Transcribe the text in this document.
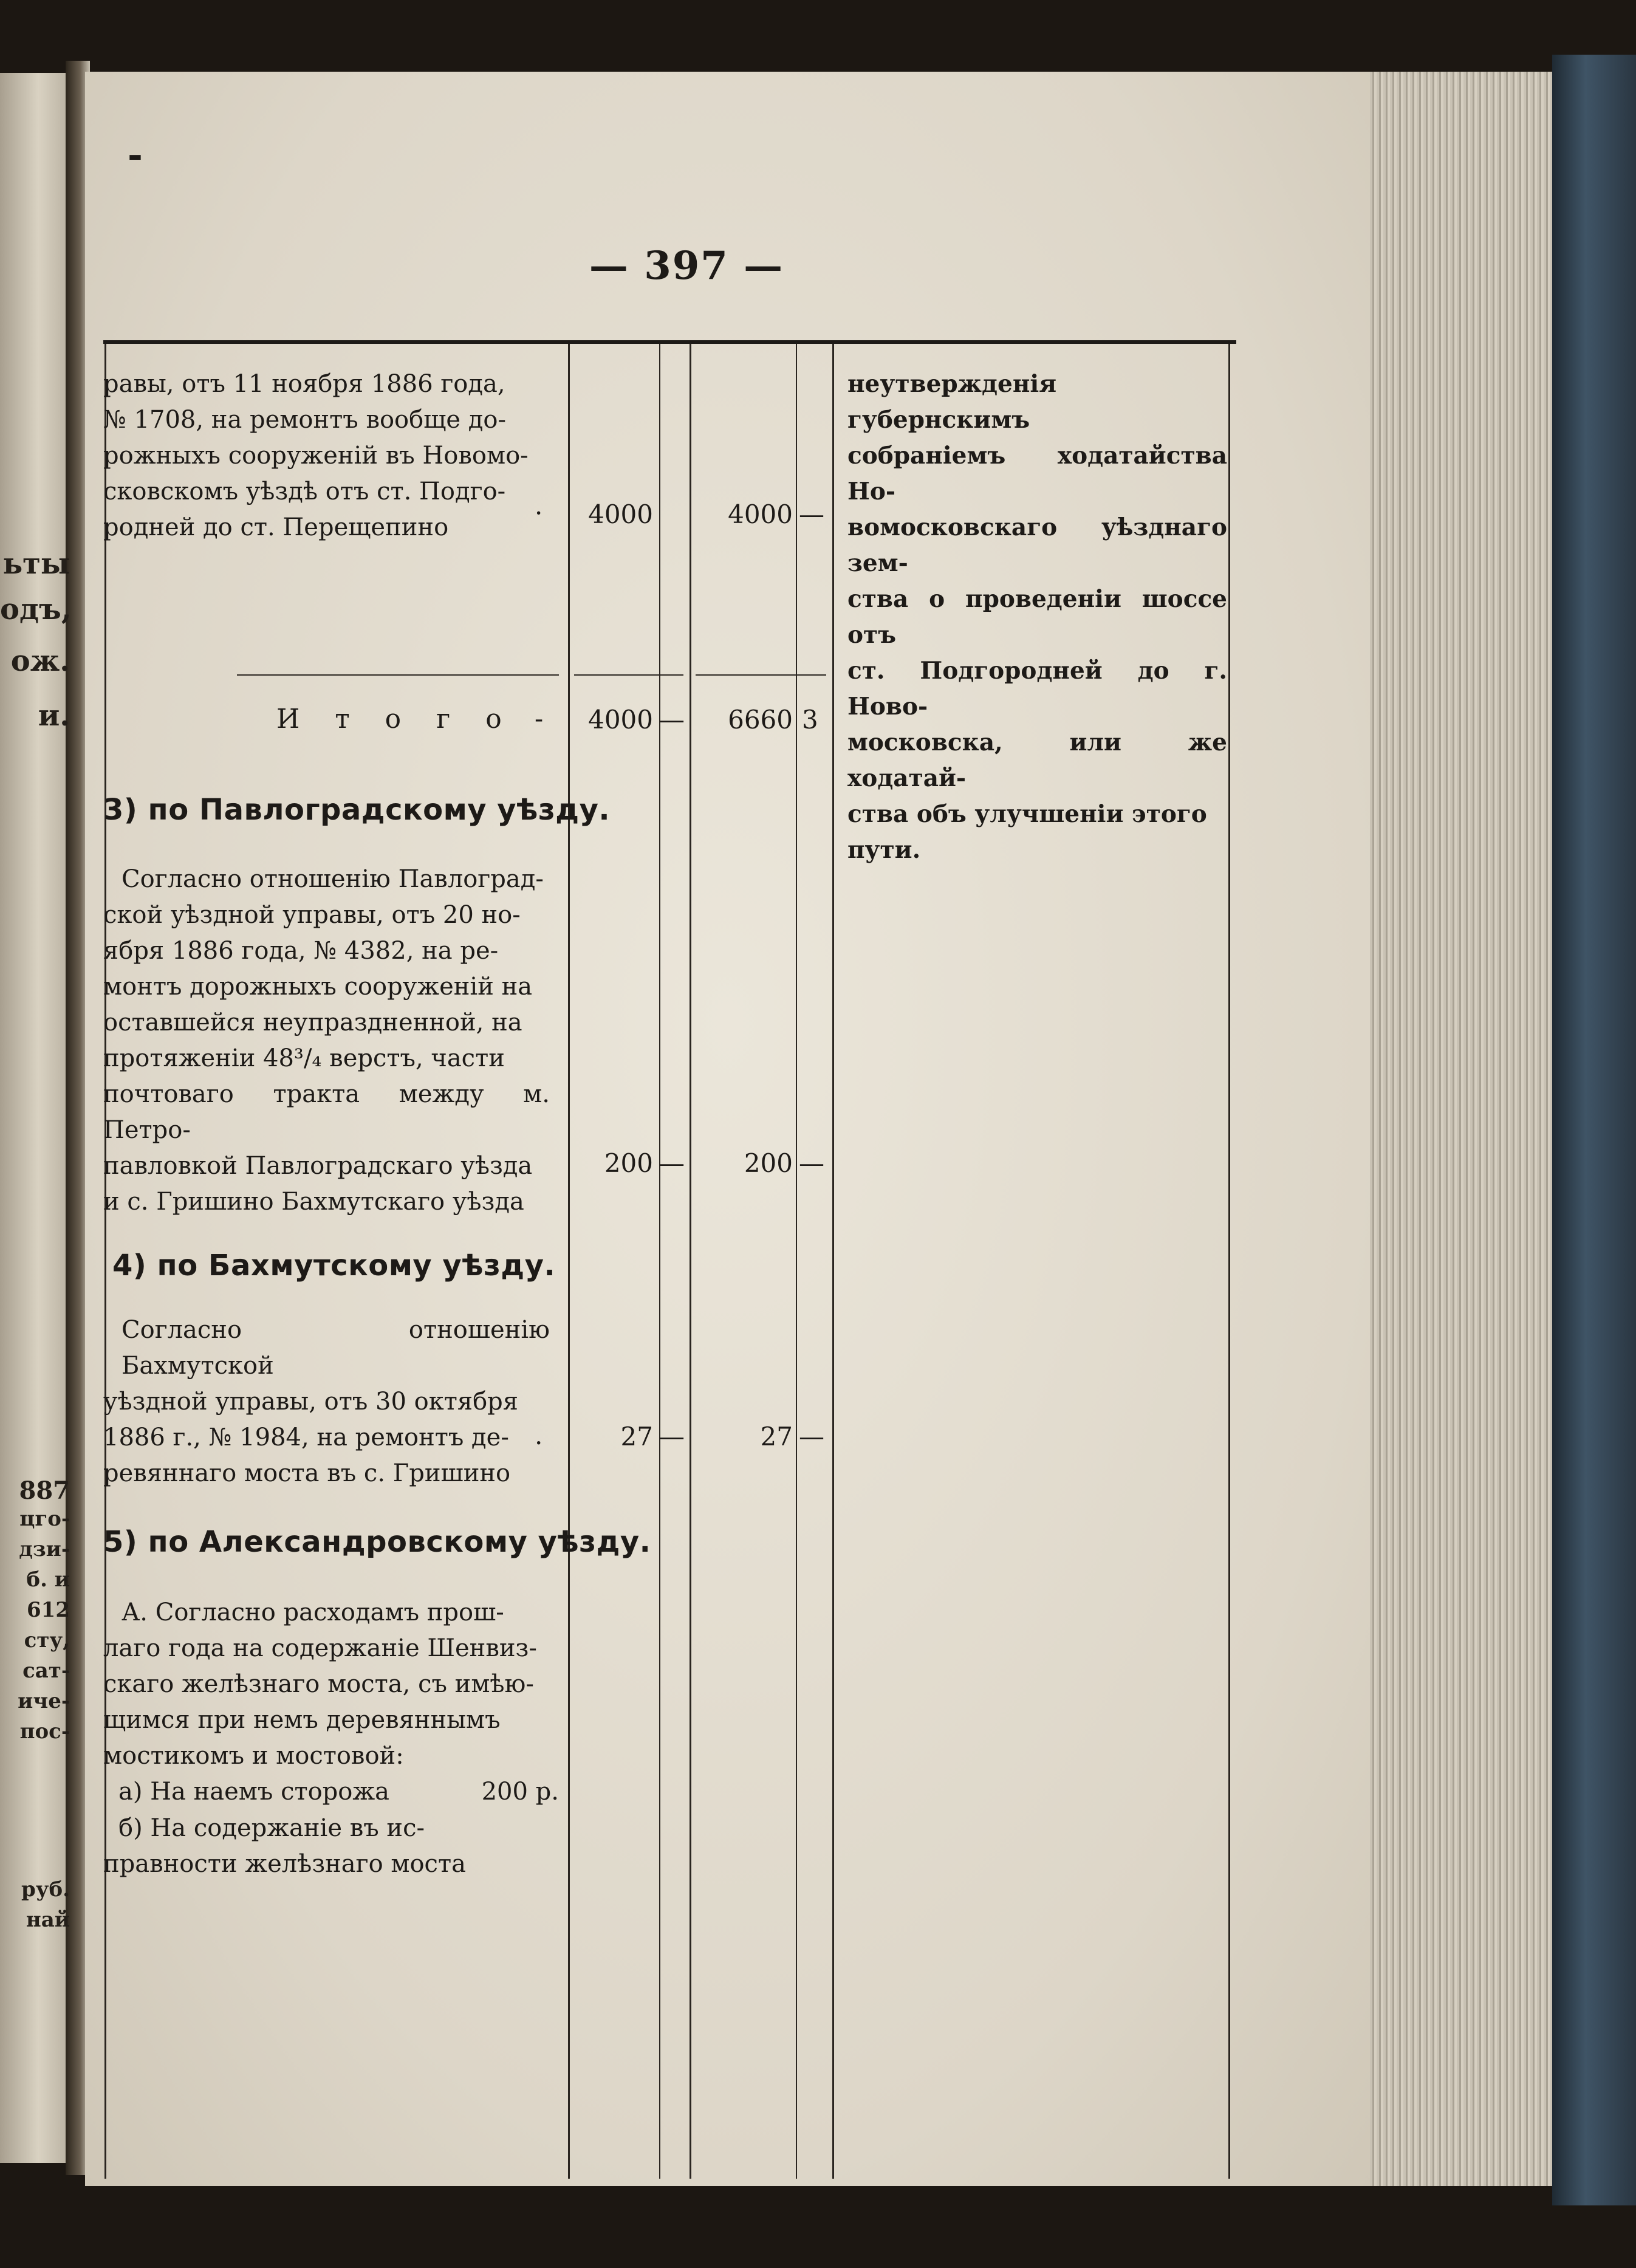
ьты
одъ,
ож.
и.
887
цго-
дзи-
б. и
612
сту,
сат-
иче-
пос-
руб.
най
— 397 —

равы, отъ 11 ноября 1886 года,

№ 1708, на ремонтъ вообще до-

рожныхъ сооруженій въ Новомо-

сковскомъ уѣздѣ отъ ст. Подго-

родней до ст. Перещепино	· 4000	4000 —
И т о г о - 4000 —	6660 3
3) по Павлоградскому уѣзду.

Согласно отношенію Павлоград-

ской уѣздной управы, отъ 20 но-

ября 1886 года, № 4382, на ре-

монтъ дорожныхъ сооруженій на

оставшейся неупраздненной, на

протяженіи 48³/₄ верстъ, части

почтоваго тракта между м. Петро-

павловкой Павлоградскаго уѣзда

и с. Гришино Бахмутскаго уѣзда

200 —	200 —
4) по Бахмутскому уѣзду.

Согласно отношенію Бахмутской

уѣздной управы, отъ 30 октября

1886 г., № 1984, на ремонтъ де-

ревяннаго моста въ с. Гришино

.	27 —	27 —
5) по Александровскому уѣзду.

А. Согласно расходамъ прош-

лаго года на содержаніе Шенвиз-

скаго желѣзнаго моста, съ имѣю-

щимся при немъ деревяннымъ

мостикомъ и мостовой:

а) На наемъ сторожа	200 р.

б) На содержаніе въ ис-

правности желѣзнаго моста

неутвержденія губернскимъ

собраніемъ ходатайства Но-

вомосковскаго уѣзднаго зем-

ства о проведеніи шоссе отъ

ст. Подгородней до г. Ново-

московска, или же ходатай-

ства объ улучшеніи этого

пути.

-
